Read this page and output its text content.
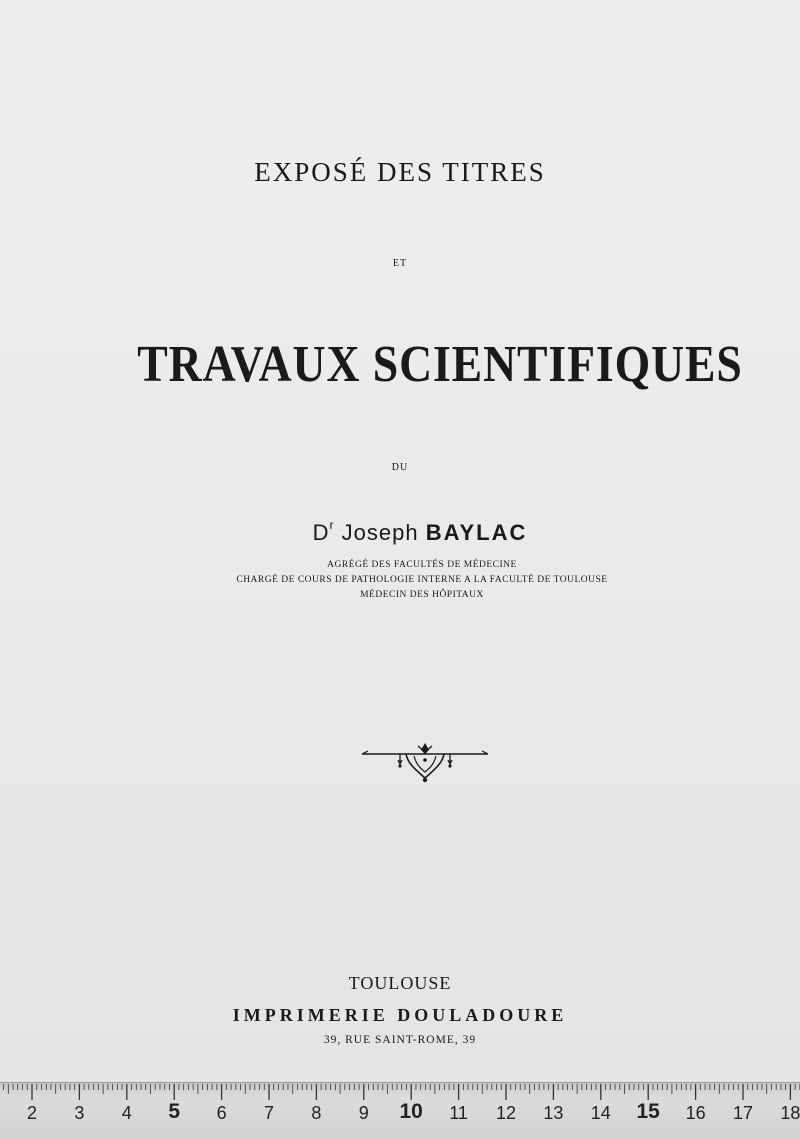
EXPOSÉ DES TITRES
ET
TRAVAUX SCIENTIFIQUES
DU
$D^r$ Joseph BAYLAC
AGRÉGÉ DES FACULTÉS DE MÉDECINE
CHARGÉ DE COURS DE PATHOLOGIE INTERNE A LA FACULTÉ DE TOULOUSE
MÉDECIN DES HÔPITAUX
TOULOUSE
IMPRIMERIE DOULADOURE
39, RUE SAINT-ROME, 39
2 3 4 5 6 7 8 9 10 11 12 13 14 15 16 17 18
